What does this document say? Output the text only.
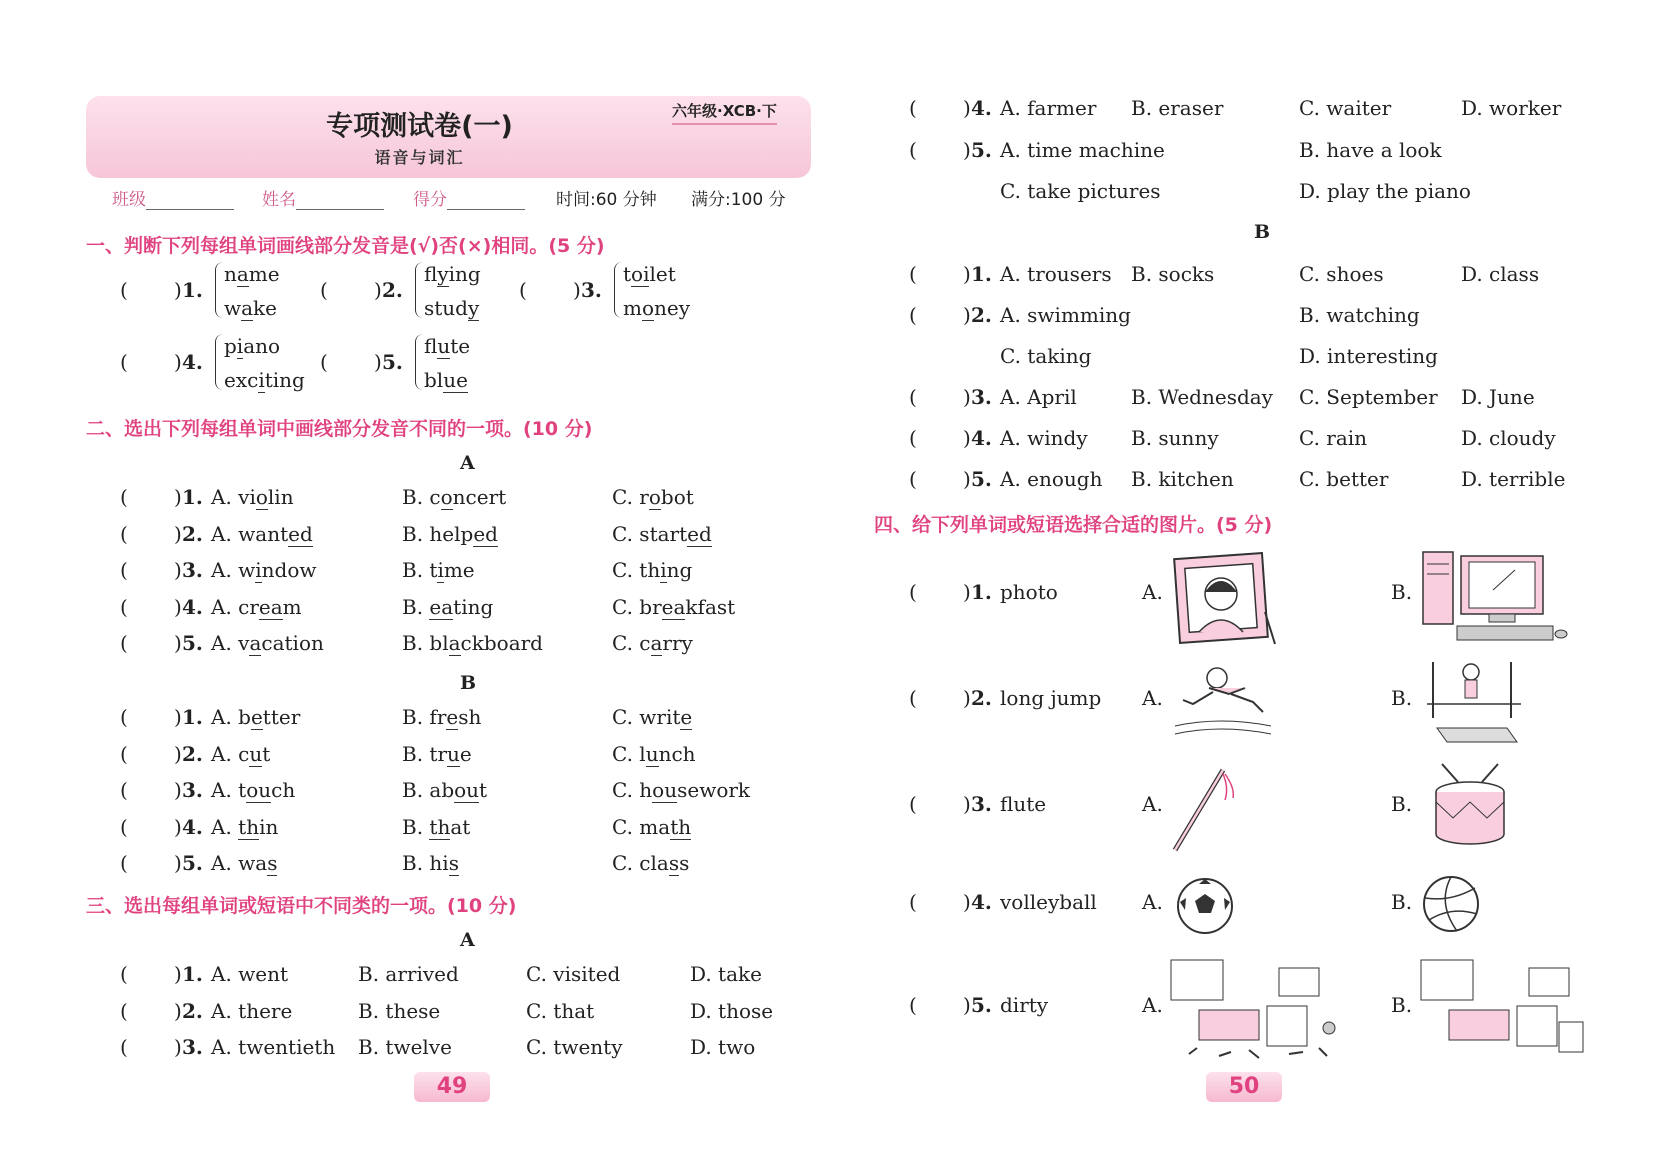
专项测试卷(一)
语音与词汇
六年级·XCB·下
班级	姓名	得分	时间:60 分钟 满分:100 分
一、判断下列每组单词画线部分发音是(√)否(×)相同。(5 分)
( ) 1.
name
wake
( ) 2.
flying
study
( ) 3.
toilet
money
( ) 4.
piano
exciting
( ) 5.
flute
blue
二、选出下列每组单词中画线部分发音不同的一项。(10 分)
A
B
( ) 1. A. violin	B. concert	C. robot
( ) 2. A. wanted	B. helped	C. started
( ) 3. A. window	B. time	C. thing
( ) 4. A. cream	B. eating	C. breakfast
( ) 5. A. vacation	B. blackboard	C. carry
( ) 1. A. better	B. fresh	C. write
( ) 2. A. cut	B. true	C. lunch
( ) 3. A. touch	B. about	C. housework
( ) 4. A. thin	B. that	C. math
( ) 5. A. was	B. his	C. class
三、选出每组单词或短语中不同类的一项。(10 分)
A
( ) 1. A. went	B. arrived	C. visited	D. take
( ) 2. A. there	B. these	C. that	D. those
( ) 3. A. twentieth B. twelve	C. twenty	D. two
49
( ) 4. A. farmer B. eraser	C. waiter	D. worker
( ) 5. A. time machine	B. have a look
C. take pictures	D. play the piano
( ) 1. A. trousers B. socks	C. shoes	D. class
( ) 2. A. swimming	B. watching
C. taking	D. interesting
( ) 3. A. April	B. Wednesday C. September D. June
( ) 4. A. windy B. sunny	C. rain	D. cloudy
( ) 5. A. enough B. kitchen	C. better	D. terrible
B
四、给下列单词或短语选择合适的图片。(5 分)
( ) 1. photo	A.	B.
( ) 2. long jump A.	B.
( ) 3. flute	A.	B.
( ) 4. volleyball A.	B.
( ) 5. dirty	A.	B.
50
